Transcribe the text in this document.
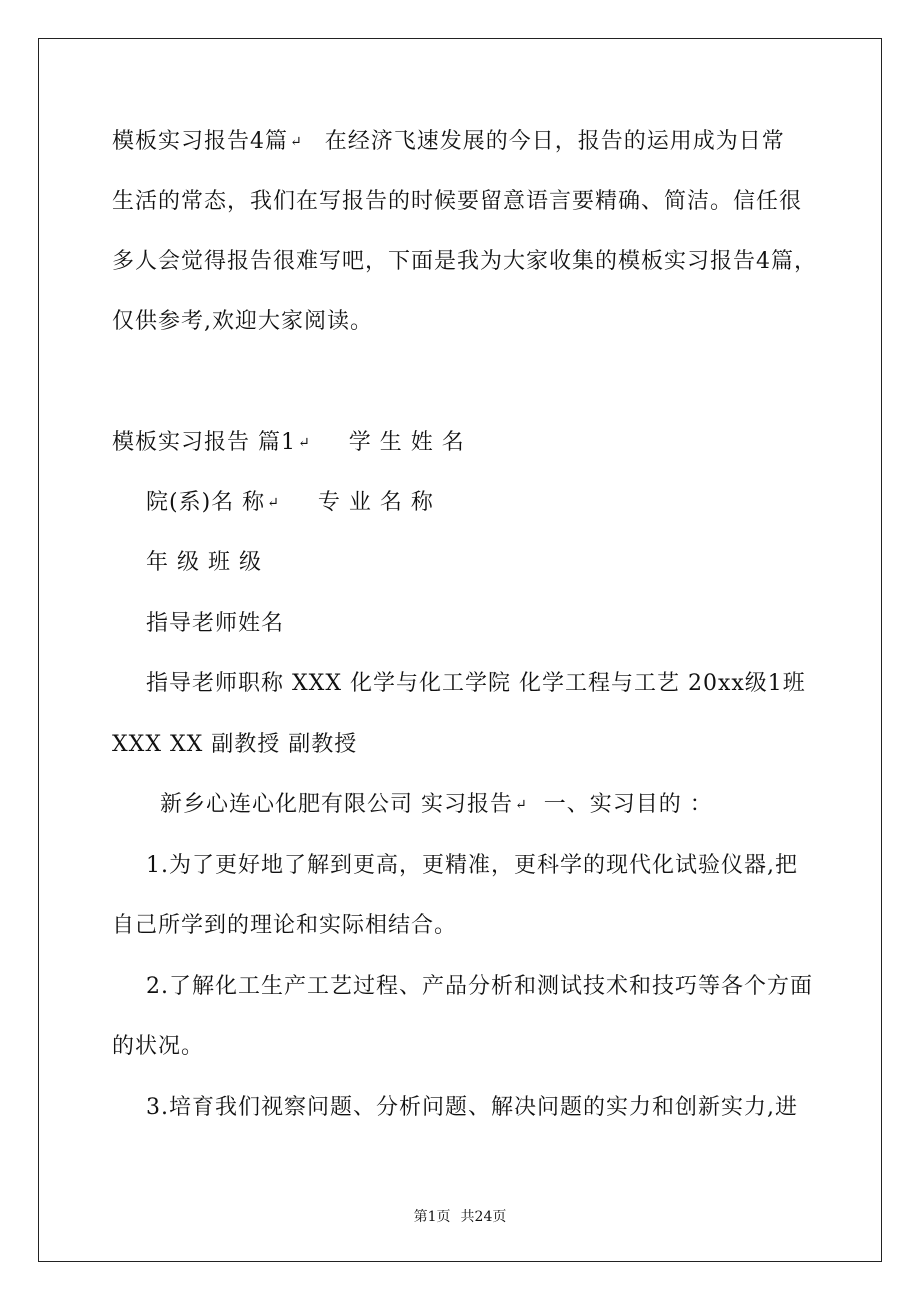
模板实习报告4篇 ↵ 在经济飞速发展的今日，报告的运用成为日常
生活的常态，我们在写报告的时候要留意语言要精确、简洁。信任很
多人会觉得报告很难写吧，下面是我为大家收集的模板实习报告4篇，
仅供参考,欢迎大家阅读。
模板实习报告 篇1 ↵ 学 生 姓 名
院(系)名 称 ↵ 专 业 名 称
年 级 班 级
指导老师姓名
指导老师职称 XXX 化学与化工学院 化学工程与工艺 20xx级1班
XXX XX 副教授 副教授
新乡心连心化肥有限公司 实习报告 ↵ 一、实习目的 ：
1.为了更好地了解到更高，更精准，更科学的现代化试验仪器,把
自己所学到的理论和实际相结合。
2.了解化工生产工艺过程、产品分析和测试技术和技巧等各个方面
的状况。
3.培育我们视察问题、分析问题、解决问题的实力和创新实力,进
第1页 共24页
